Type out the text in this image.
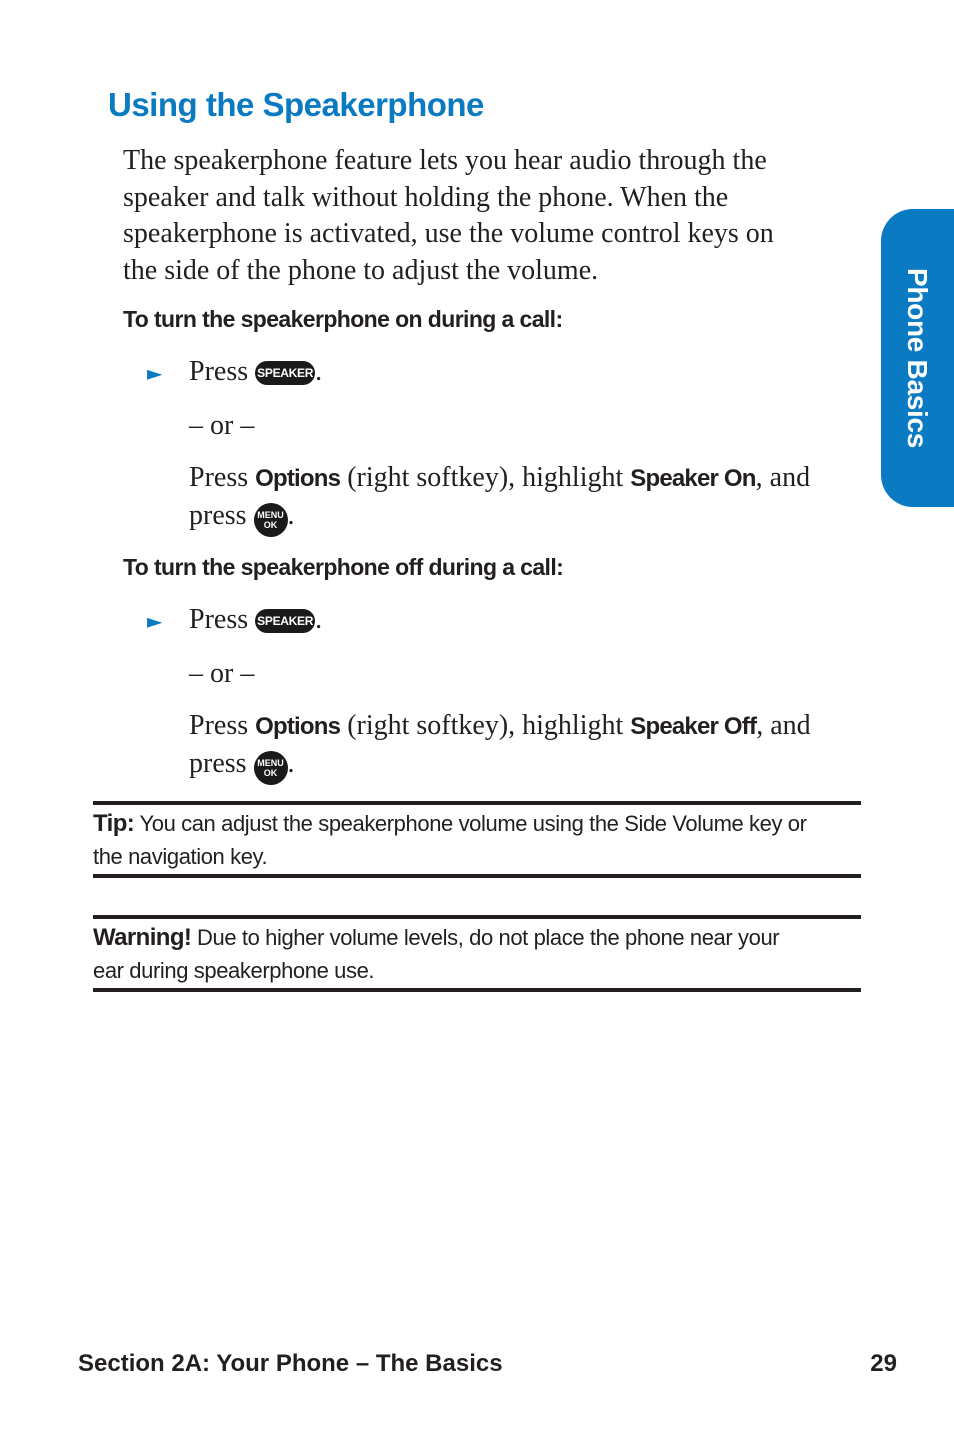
Using the Speakerphone
The speakerphone feature lets you hear audio through the
speaker and talk without holding the phone. When the
speakerphone is activated, use the volume control keys on
the side of the phone to adjust the volume.
To turn the speakerphone on during a call:
► Press SPEAKER.
– or –
Press Options (right softkey), highlight Speaker On, and
press MENU
OK .
To turn the speakerphone off during a call:
► Press SPEAKER.
– or –
Press Options (right softkey), highlight Speaker Off, and
press MENU
OK .
Tip: You can adjust the speakerphone volume using the Side Volume key or
the navigation key.
Warning! Due to higher volume levels, do not place the phone near your
ear during speakerphone use.
Phone Basics
Section 2A: Your Phone – The Basics	29
